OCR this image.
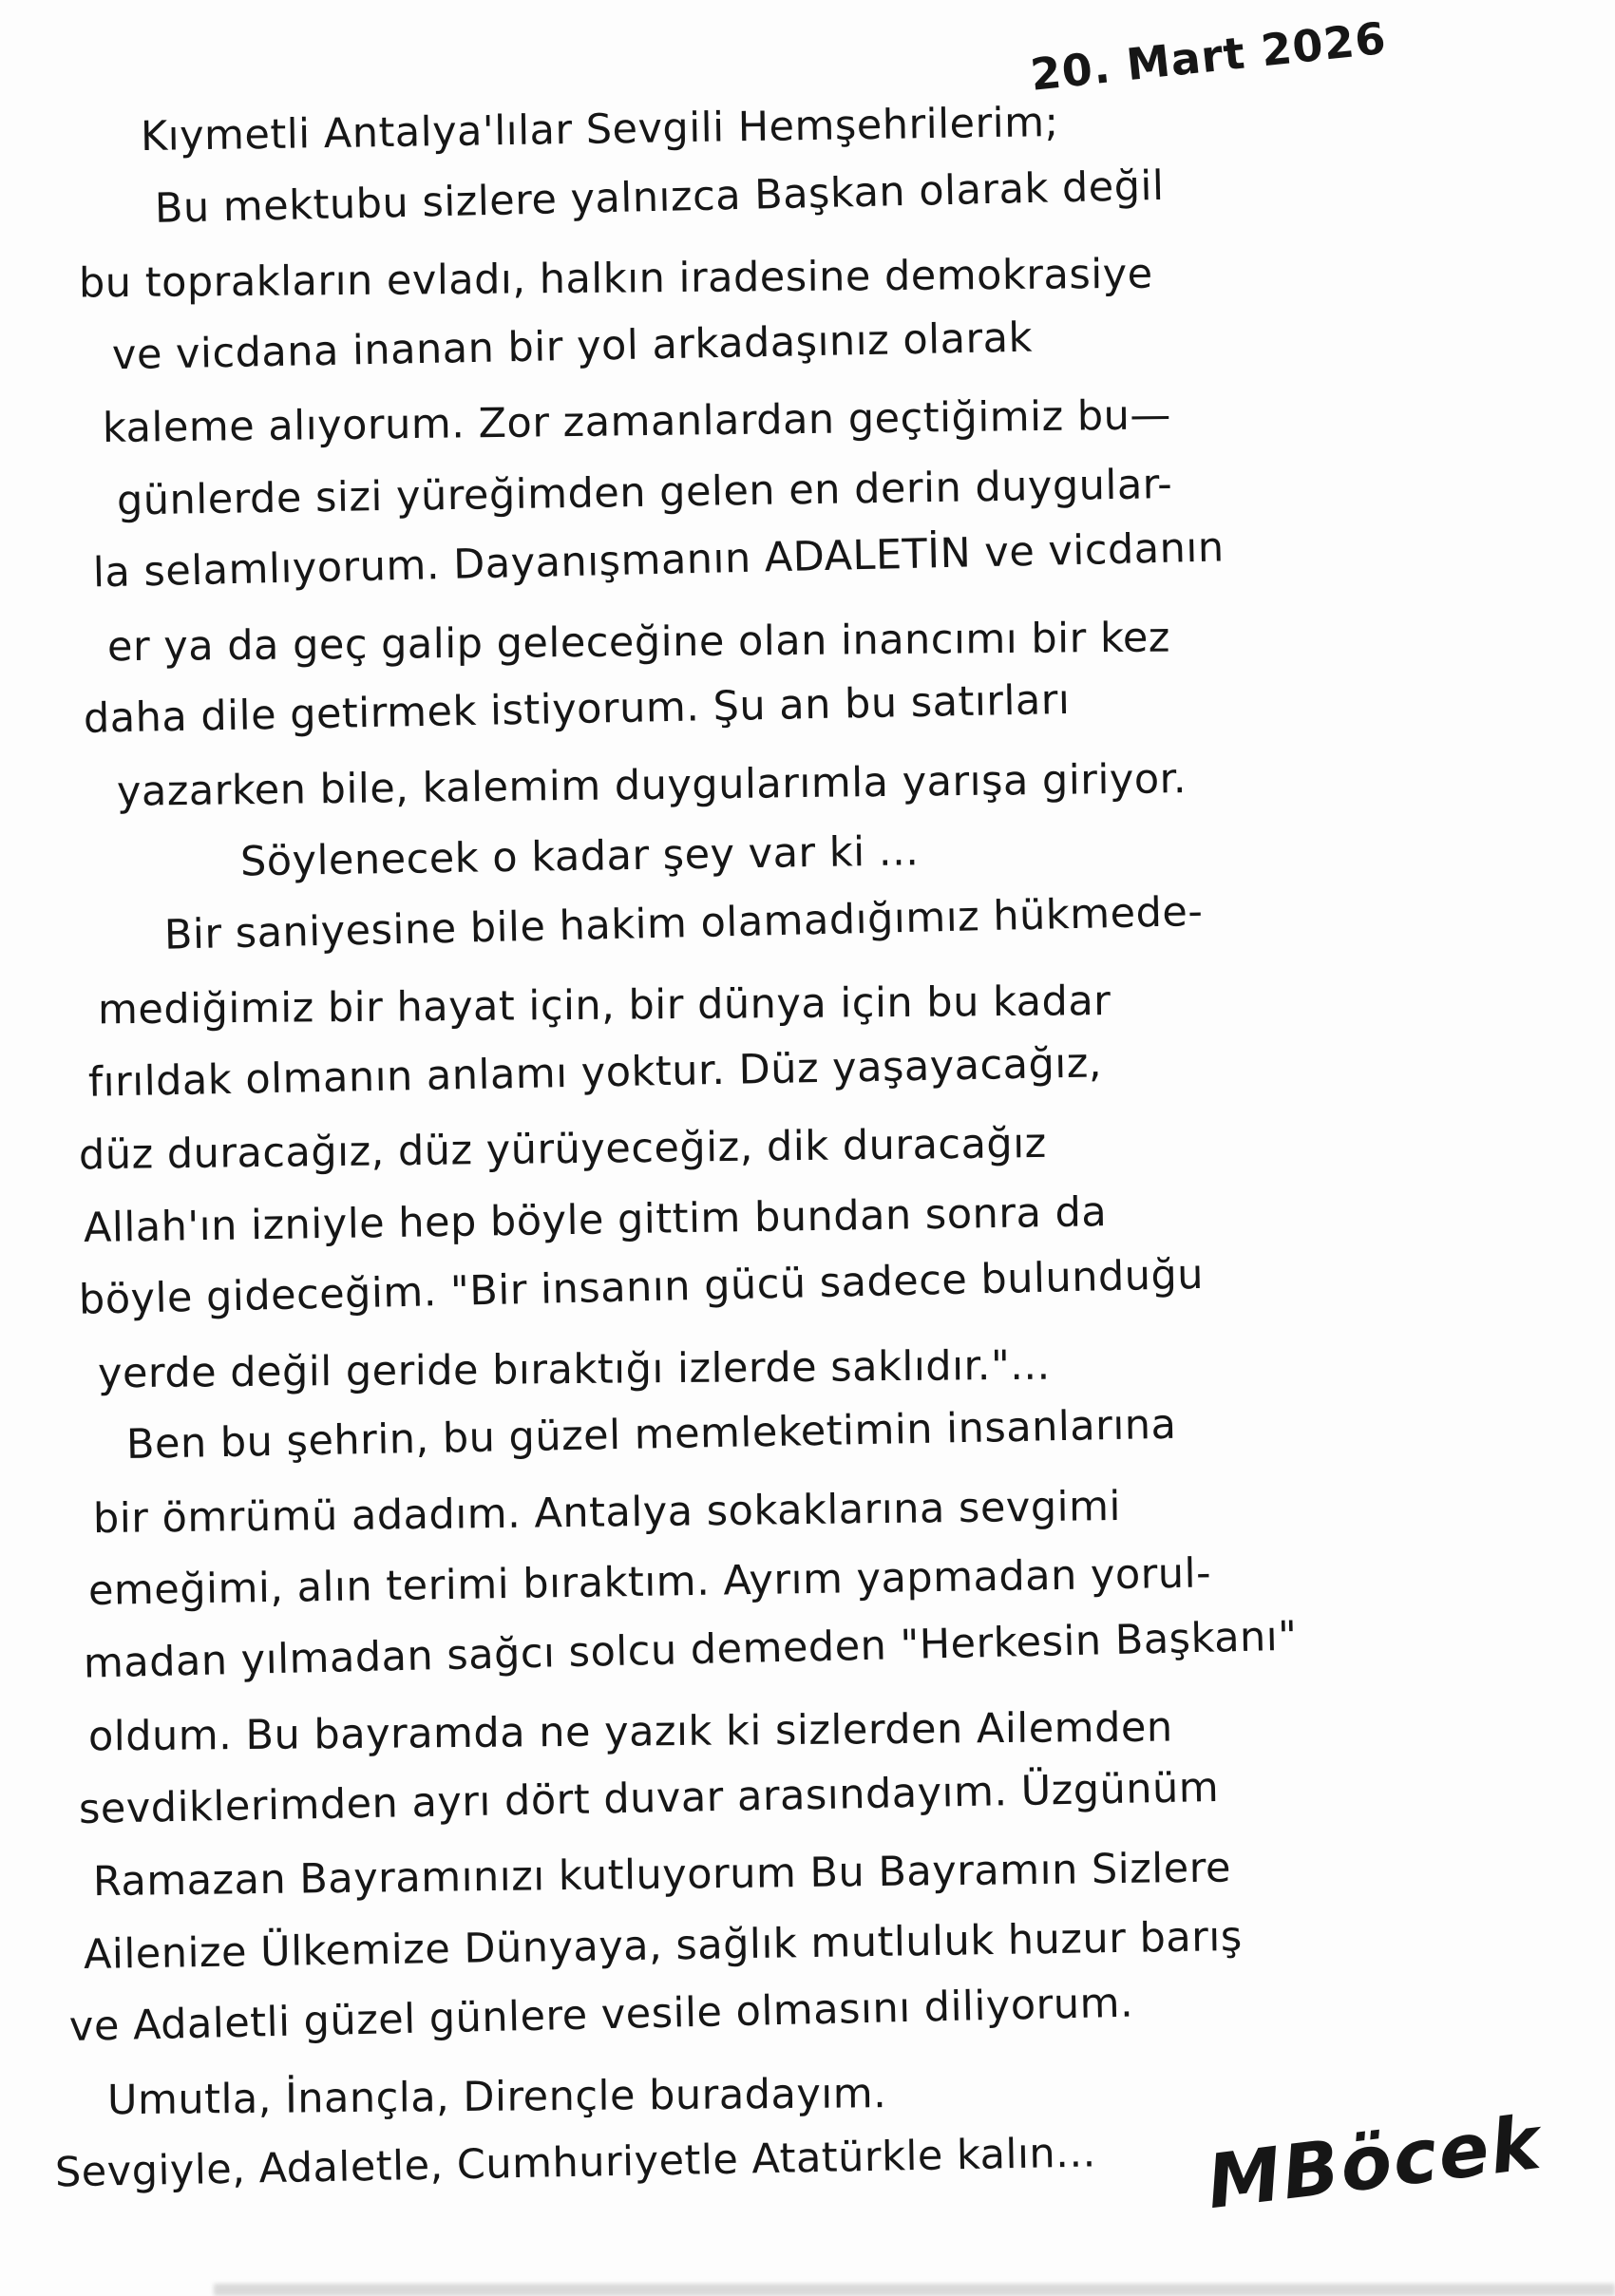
20. Mart 2026
Kıymetli Antalya'lılar Sevgili Hemşehrilerim;
Bu mektubu sizlere yalnızca Başkan olarak değil
bu toprakların evladı, halkın iradesine demokrasiye
ve vicdana inanan bir yol arkadaşınız olarak
kaleme alıyorum. Zor zamanlardan geçtiğimiz bu—
günlerde sizi yüreğimden gelen en derin duygular-
la selamlıyorum. Dayanışmanın ADALETİN ve vicdanın
er ya da geç galip geleceğine olan inancımı bir kez
daha dile getirmek istiyorum. Şu an bu satırları
yazarken bile, kalemim duygularımla yarışa giriyor.
Söylenecek o kadar şey var ki ...
Bir saniyesine bile hakim olamadığımız hükmede-
mediğimiz bir hayat için, bir dünya için bu kadar
fırıldak olmanın anlamı yoktur. Düz yaşayacağız,
düz duracağız, düz yürüyeceğiz, dik duracağız
Allah'ın izniyle hep böyle gittim bundan sonra da
böyle gideceğim. "Bir insanın gücü sadece bulunduğu
yerde değil geride bıraktığı izlerde saklıdır."...
Ben bu şehrin, bu güzel memleketimin insanlarına
bir ömrümü adadım. Antalya sokaklarına sevgimi
emeğimi, alın terimi bıraktım. Ayrım yapmadan yorul-
madan yılmadan sağcı solcu demeden "Herkesin Başkanı"
oldum. Bu bayramda ne yazık ki sizlerden Ailemden
sevdiklerimden ayrı dört duvar arasındayım. Üzgünüm
Ramazan Bayramınızı kutluyorum Bu Bayramın Sizlere
Ailenize Ülkemize Dünyaya, sağlık mutluluk huzur barış
ve Adaletli güzel günlere vesile olmasını diliyorum.
Umutla, İnançla, Dirençle buradayım.
Sevgiyle, Adaletle, Cumhuriyetle Atatürkle kalın...	MBöcek
